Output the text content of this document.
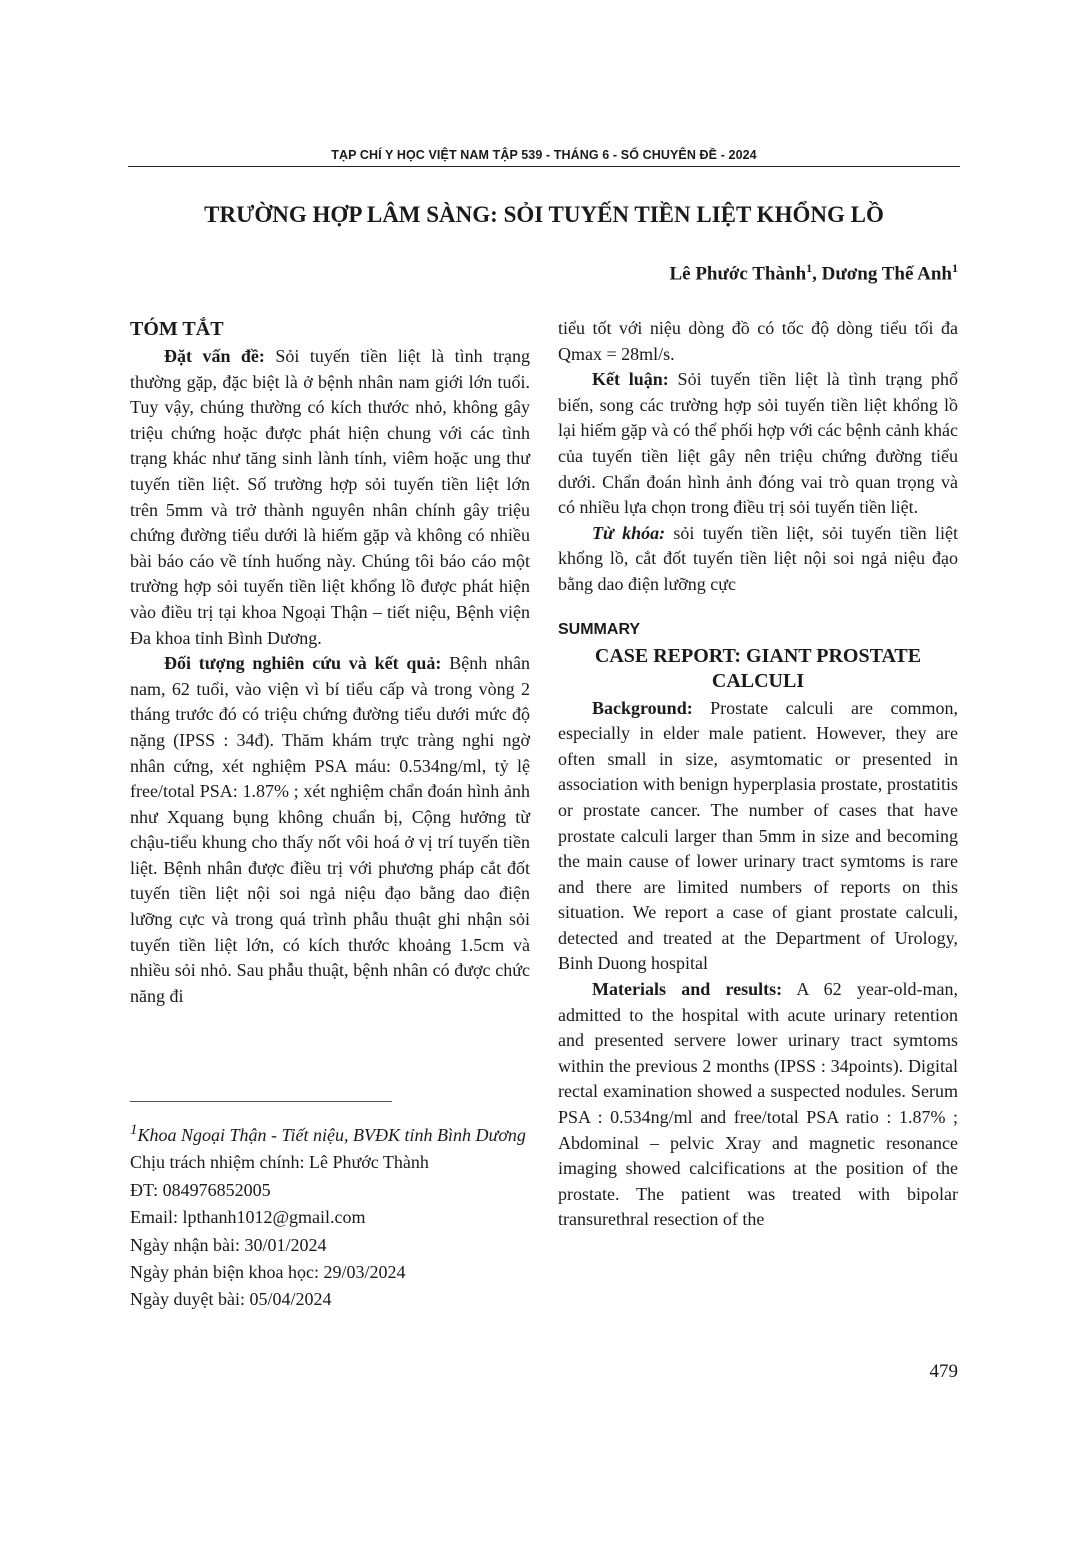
TẠP CHÍ Y HỌC VIỆT NAM TẬP 539 - THÁNG 6 - SỐ CHUYÊN ĐỀ - 2024
TRƯỜNG HỢP LÂM SÀNG: SỎI TUYẾN TIỀN LIỆT KHỔNG LỒ
Lê Phước Thành$^1$, Dương Thế Anh$^1$
TÓM TẮT

Đặt vấn đề: Sỏi tuyến tiền liệt là tình trạng thường gặp, đặc biệt là ở bệnh nhân nam giới lớn tuổi. Tuy vậy, chúng thường có kích thước nhỏ, không gây triệu chứng hoặc được phát hiện chung với các tình trạng khác như tăng sinh lành tính, viêm hoặc ung thư tuyến tiền liệt. Số trường hợp sỏi tuyến tiền liệt lớn trên 5mm và trở thành nguyên nhân chính gây triệu chứng đường tiểu dưới là hiếm gặp và không có nhiều bài báo cáo về tính huống này. Chúng tôi báo cáo một trường hợp sỏi tuyến tiền liệt khổng lồ được phát hiện vào điều trị tại khoa Ngoại Thận – tiết niệu, Bệnh viện Đa khoa tỉnh Bình Dương.

Đối tượng nghiên cứu và kết quả: Bệnh nhân nam, 62 tuổi, vào viện vì bí tiểu cấp và trong vòng 2 tháng trước đó có triệu chứng đường tiểu dưới mức độ nặng (IPSS : 34đ). Thăm khám trực tràng nghi ngờ nhân cứng, xét nghiệm PSA máu: 0.534ng/ml, tỷ lệ free/total PSA: 1.87% ; xét nghiệm chẩn đoán hình ảnh như Xquang bụng không chuẩn bị, Cộng hưởng từ chậu-tiểu khung cho thấy nốt vôi hoá ở vị trí tuyến tiền liệt. Bệnh nhân được điều trị với phương pháp cắt đốt tuyến tiền liệt nội soi ngả niệu đạo bằng dao điện lưỡng cực và trong quá trình phẫu thuật ghi nhận sỏi tuyến tiền liệt lớn, có kích thước khoảng 1.5cm và nhiều sỏi nhỏ. Sau phẫu thuật, bệnh nhân có được chức năng đi

$^1$Khoa Ngoại Thận - Tiết niệu, BVĐK tỉnh Bình Dương
Chịu trách nhiệm chính: Lê Phước Thành
ĐT: 084976852005
Email: lpthanh1012@gmail.com
Ngày nhận bài: 30/01/2024
Ngày phản biện khoa học: 29/03/2024
Ngày duyệt bài: 05/04/2024

tiểu tốt với niệu dòng đồ có tốc độ dòng tiểu tối đa Qmax = 28ml/s.

Kết luận: Sỏi tuyến tiền liệt là tình trạng phổ biến, song các trường hợp sỏi tuyến tiền liệt khổng lồ lại hiếm gặp và có thể phối hợp với các bệnh cảnh khác của tuyến tiền liệt gây nên triệu chứng đường tiểu dưới. Chẩn đoán hình ảnh đóng vai trò quan trọng và có nhiều lựa chọn trong điều trị sỏi tuyến tiền liệt.

Từ khóa: sỏi tuyến tiền liệt, sỏi tuyến tiền liệt khổng lồ, cắt đốt tuyến tiền liệt nội soi ngả niệu đạo bằng dao điện lưỡng cực

SUMMARY
CASE REPORT: GIANT PROSTATE CALCULI

Background: Prostate calculi are common, especially in elder male patient. However, they are often small in size, asymtomatic or presented in association with benign hyperplasia prostate, prostatitis or prostate cancer. The number of cases that have prostate calculi larger than 5mm in size and becoming the main cause of lower urinary tract symtoms is rare and there are limited numbers of reports on this situation. We report a case of giant prostate calculi, detected and treated at the Department of Urology, Binh Duong hospital

Materials and results: A 62 year-old-man, admitted to the hospital with acute urinary retention and presented servere lower urinary tract symtoms within the previous 2 months (IPSS : 34points). Digital rectal examination showed a suspected nodules. Serum PSA : 0.534ng/ml and free/total PSA ratio : 1.87% ; Abdominal – pelvic Xray and magnetic resonance imaging showed calcifications at the position of the prostate. The patient was treated with bipolar transurethral resection of the

479
